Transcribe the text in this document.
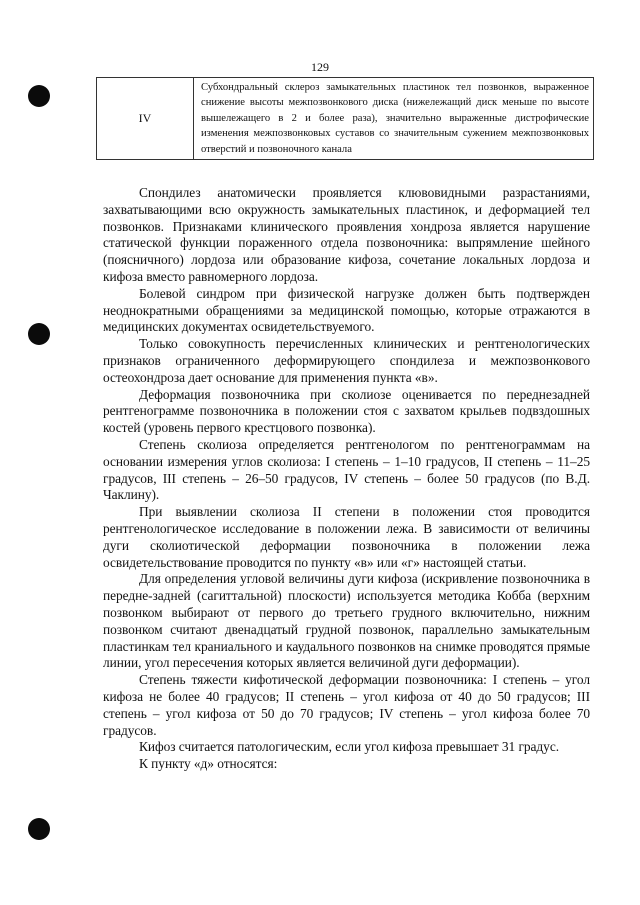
129
IV	Субхондральный склероз замыкательных пластинок тел позвонков, выраженное снижение высоты межпозвонкового диска (нижележащий диск меньше по высоте вышележащего в 2 и более раза), значительно выраженные дистрофические изменения межпозвонковых суставов со значительным сужением межпозвонковых отверстий и позвоночного канала

Спондилез анатомически проявляется клювовидными разрастаниями, захватывающими всю окружность замыкательных пластинок, и деформацией тел позвонков. Признаками клинического проявления хондроза является нарушение статической функции пораженного отдела позвоночника: выпрямление шейного (поясничного) лордоза или образование кифоза, сочетание локальных лордоза и кифоза вместо равномерного лордоза.

Болевой синдром при физической нагрузке должен быть подтвержден неоднократными обращениями за медицинской помощью, которые отражаются в медицинских документах освидетельствуемого.

Только совокупность перечисленных клинических и рентгенологических признаков ограниченного деформирующего спондилеза и межпозвонкового остеохондроза дает основание для применения пункта «в».

Деформация позвоночника при сколиозе оценивается по переднезадней рентгенограмме позвоночника в положении стоя с захватом крыльев подвздошных костей (уровень первого крестцового позвонка).

Степень сколиоза определяется рентгенологом по рентгенограммам на основании измерения углов сколиоза: I степень – 1–10 градусов, II степень – 11–25 градусов, III степень – 26–50 градусов, IV степень – более 50 градусов (по В.Д. Чаклину).

При выявлении сколиоза II степени в положении стоя проводится рентгенологическое исследование в положении лежа. В зависимости от величины дуги сколиотической деформации позвоночника в положении лежа освидетельствование проводится по пункту «в» или «г» настоящей статьи.

Для определения угловой величины дуги кифоза (искривление позвоночника в передне-задней (сагиттальной) плоскости) используется методика Кобба (верхним позвонком выбирают от первого до третьего грудного включительно, нижним позвонком считают двенадцатый грудной позвонок, параллельно замыкательным пластинкам тел краниального и каудального позвонков на снимке проводятся прямые линии, угол пересечения которых является величиной дуги деформации).

Степень тяжести кифотической деформации позвоночника: I степень – угол кифоза не более 40 градусов; II степень – угол кифоза от 40 до 50 градусов; III степень – угол кифоза от 50 до 70 градусов; IV степень – угол кифоза более 70 градусов.

Кифоз считается патологическим, если угол кифоза превышает 31 градус.

К пункту «д» относятся:
